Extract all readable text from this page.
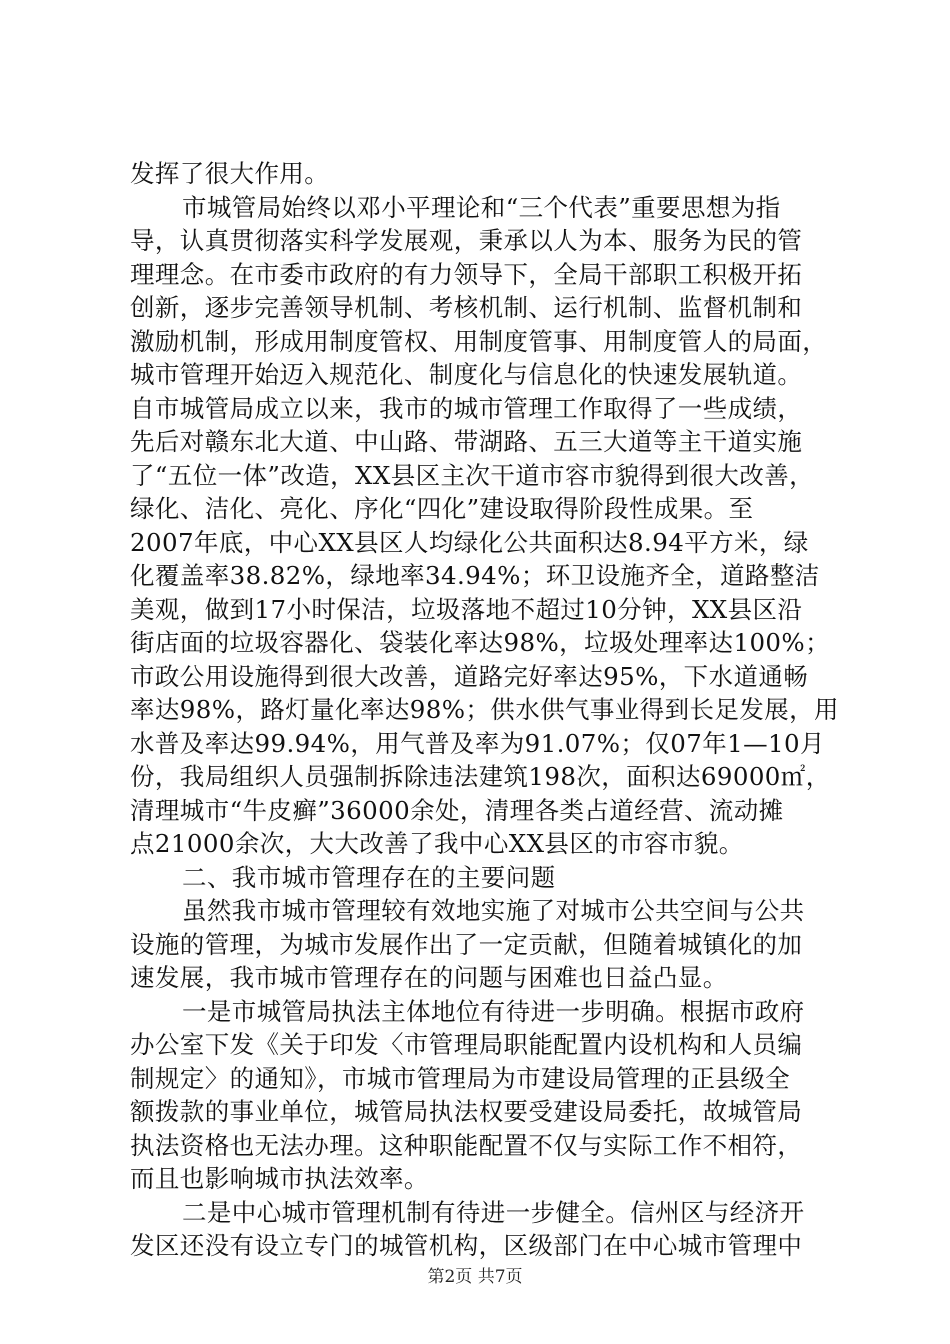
发挥了很大作用。
市城管局始终以邓小平理论和“三个代表”重要思想为指
导，认真贯彻落实科学发展观，秉承以人为本、服务为民的管
理理念。在市委市政府的有力领导下，全局干部职工积极开拓
创新，逐步完善领导机制、考核机制、运行机制、监督机制和
激励机制，形成用制度管权、用制度管事、用制度管人的局面，
城市管理开始迈入规范化、制度化与信息化的快速发展轨道。
自市城管局成立以来，我市的城市管理工作取得了一些成绩，
先后对赣东北大道、中山路、带湖路、五三大道等主干道实施
了“五位一体”改造，XX县区主次干道市容市貌得到很大改善，
绿化、洁化、亮化、序化“四化”建设取得阶段性成果。至
2007年底，中心XX县区人均绿化公共面积达8.94平方米，绿
化覆盖率38.82%，绿地率34.94%；环卫设施齐全，道路整洁
美观，做到17小时保洁，垃圾落地不超过10分钟，XX县区沿
街店面的垃圾容器化、袋装化率达98%，垃圾处理率达100%；
市政公用设施得到很大改善，道路完好率达95%，下水道通畅
率达98%，路灯量化率达98%；供水供气事业得到长足发展，用
水普及率达99.94%，用气普及率为91.07%；仅07年1—10月
份，我局组织人员强制拆除违法建筑198次，面积达69000㎡，
清理城市“牛皮癣”36000余处，清理各类占道经营、流动摊
点21000余次，大大改善了我中心XX县区的市容市貌。
二、我市城市管理存在的主要问题
虽然我市城市管理较有效地实施了对城市公共空间与公共
设施的管理，为城市发展作出了一定贡献，但随着城镇化的加
速发展，我市城市管理存在的问题与困难也日益凸显。
一是市城管局执法主体地位有待进一步明确。根据市政府
办公室下发《关于印发〈市管理局职能配置内设机构和人员编
制规定〉的通知》，市城市管理局为市建设局管理的正县级全
额拨款的事业单位，城管局执法权要受建设局委托，故城管局
执法资格也无法办理。这种职能配置不仅与实际工作不相符，
而且也影响城市执法效率。
二是中心城市管理机制有待进一步健全。信州区与经济开
发区还没有设立专门的城管机构，区级部门在中心城市管理中
第2页 共7页
